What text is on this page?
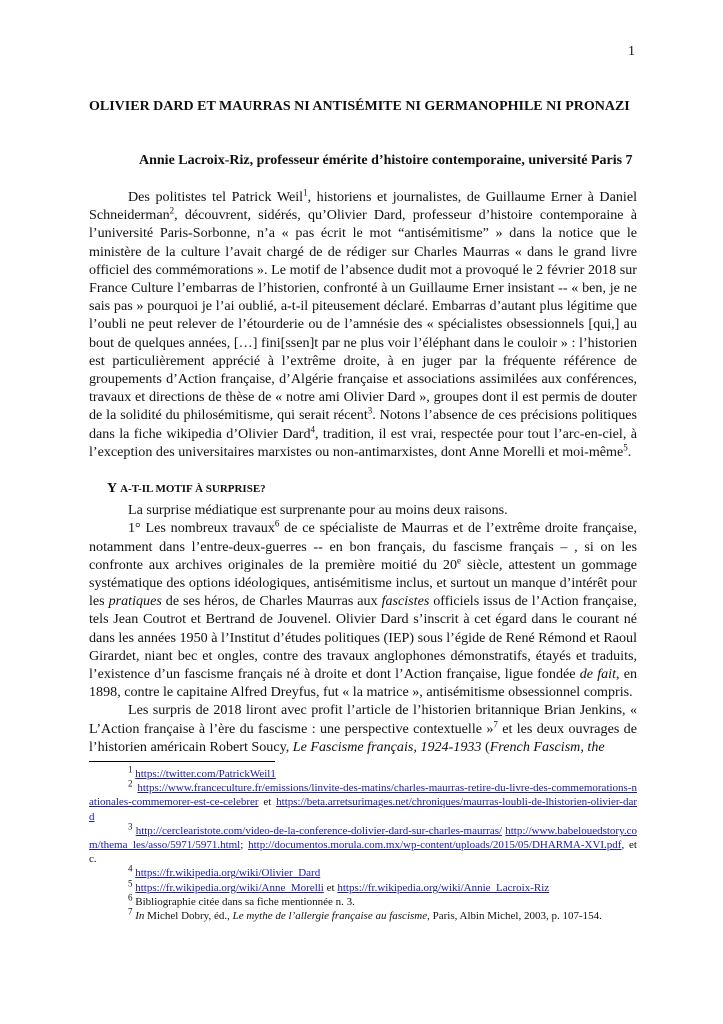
1
OLIVIER DARD ET MAURRAS NI ANTISÉMITE NI GERMANOPHILE NI PRONAZI
Annie Lacroix-Riz, professeur émérite d’histoire contemporaine, université Paris 7

Des politistes tel Patrick Weil$^1$, historiens et journalistes, de Guillaume Erner à Daniel Schneiderman$^2$, découvrent, sidérés, qu’Olivier Dard, professeur d’histoire contemporaine à l’université Paris-Sorbonne, n’a « pas écrit le mot “antisémitisme” » dans la notice que le ministère de la culture l’avait chargé de de rédiger sur Charles Maurras « dans le grand livre officiel des commémorations ». Le motif de l’absence dudit mot a provoqué le 2 février 2018 sur France Culture l’embarras de l’historien, confronté à un Guillaume Erner insistant -- « ben, je ne sais pas » pourquoi je l’ai oublié, a-t-il piteusement déclaré. Embarras d’autant plus légitime que l’oubli ne peut relever de l’étourderie ou de l’amnésie des « spécialistes obsessionnels [qui,] au bout de quelques années, […] fini[ssen]t par ne plus voir l’éléphant dans le couloir » : l’historien est particulièrement apprécié à l’extrême droite, à en juger par la fréquente référence de groupements d’Action française, d’Algérie française et associations assimilées aux conférences, travaux et directions de thèse de « notre ami Olivier Dard », groupes dont il est permis de douter de la solidité du philosémitisme, qui serait récent$^3$. Notons l’absence de ces précisions politiques dans la fiche wikipedia d’Olivier Dard$^4$, tradition, il est vrai, respectée pour tout l’arc-en-ciel, à l’exception des universitaires marxistes ou non-antimarxistes, dont Anne Morelli et moi-même$^5$.

Y A-T-IL MOTIF À SURPRISE?

La surprise médiatique est surprenante pour au moins deux raisons.

1° Les nombreux travaux$^6$ de ce spécialiste de Maurras et de l’extrême droite française, notamment dans l’entre-deux-guerres -- en bon français, du fascisme français – , si on les confronte aux archives originales de la première moitié du 20e siècle, attestent un gommage systématique des options idéologiques, antisémitisme inclus, et surtout un manque d’intérêt pour les pratiques de ses héros, de Charles Maurras aux fascistes officiels issus de l’Action française, tels Jean Coutrot et Bertrand de Jouvenel. Olivier Dard s’inscrit à cet égard dans le courant né dans les années 1950 à l’Institut d’études politiques (IEP) sous l’égide de René Rémond et Raoul Girardet, niant bec et ongles, contre des travaux anglophones démonstratifs, étayés et traduits, l’existence d’un fascisme français né à droite et dont l’Action française, ligue fondée de fait, en 1898, contre le capitaine Alfred Dreyfus, fut « la matrice », antisémitisme obsessionnel compris.

Les surpris de 2018 liront avec profit l’article de l’historien britannique Brian Jenkins, « L’Action française à l’ère du fascisme : une perspective contextuelle »$^7$ et les deux ouvrages de l’historien américain Robert Soucy, Le Fascisme français, 1924-1933 (French Fascism, the

$^1$ https://twitter.com/PatrickWeil1

$^2$ https://www.franceculture.fr/emissions/linvite-des-matins/charles-maurras-retire-du-livre-des-commemorations-nationales-commemorer-est-ce-celebrer et https://beta.arretsurimages.net/chroniques/maurras-loubli-de-lhistorien-olivier-dard

$^3$ http://cerclearistote.com/video-de-la-conference-dolivier-dard-sur-charles-maurras/ http://www.babelouedstory.com/thema_les/asso/5971/5971.html; http://documentos.morula.com.mx/wp-content/uploads/2015/05/DHARMA-XVI.pdf, etc.

$^4$ https://fr.wikipedia.org/wiki/Olivier_Dard

$^5$ https://fr.wikipedia.org/wiki/Anne_Morelli et https://fr.wikipedia.org/wiki/Annie_Lacroix-Riz

$^6$ Bibliographie citée dans sa fiche mentionnée n. 3.

$^7$ In Michel Dobry, éd., Le mythe de l’allergie française au fascisme, Paris, Albin Michel, 2003, p. 107-154.
